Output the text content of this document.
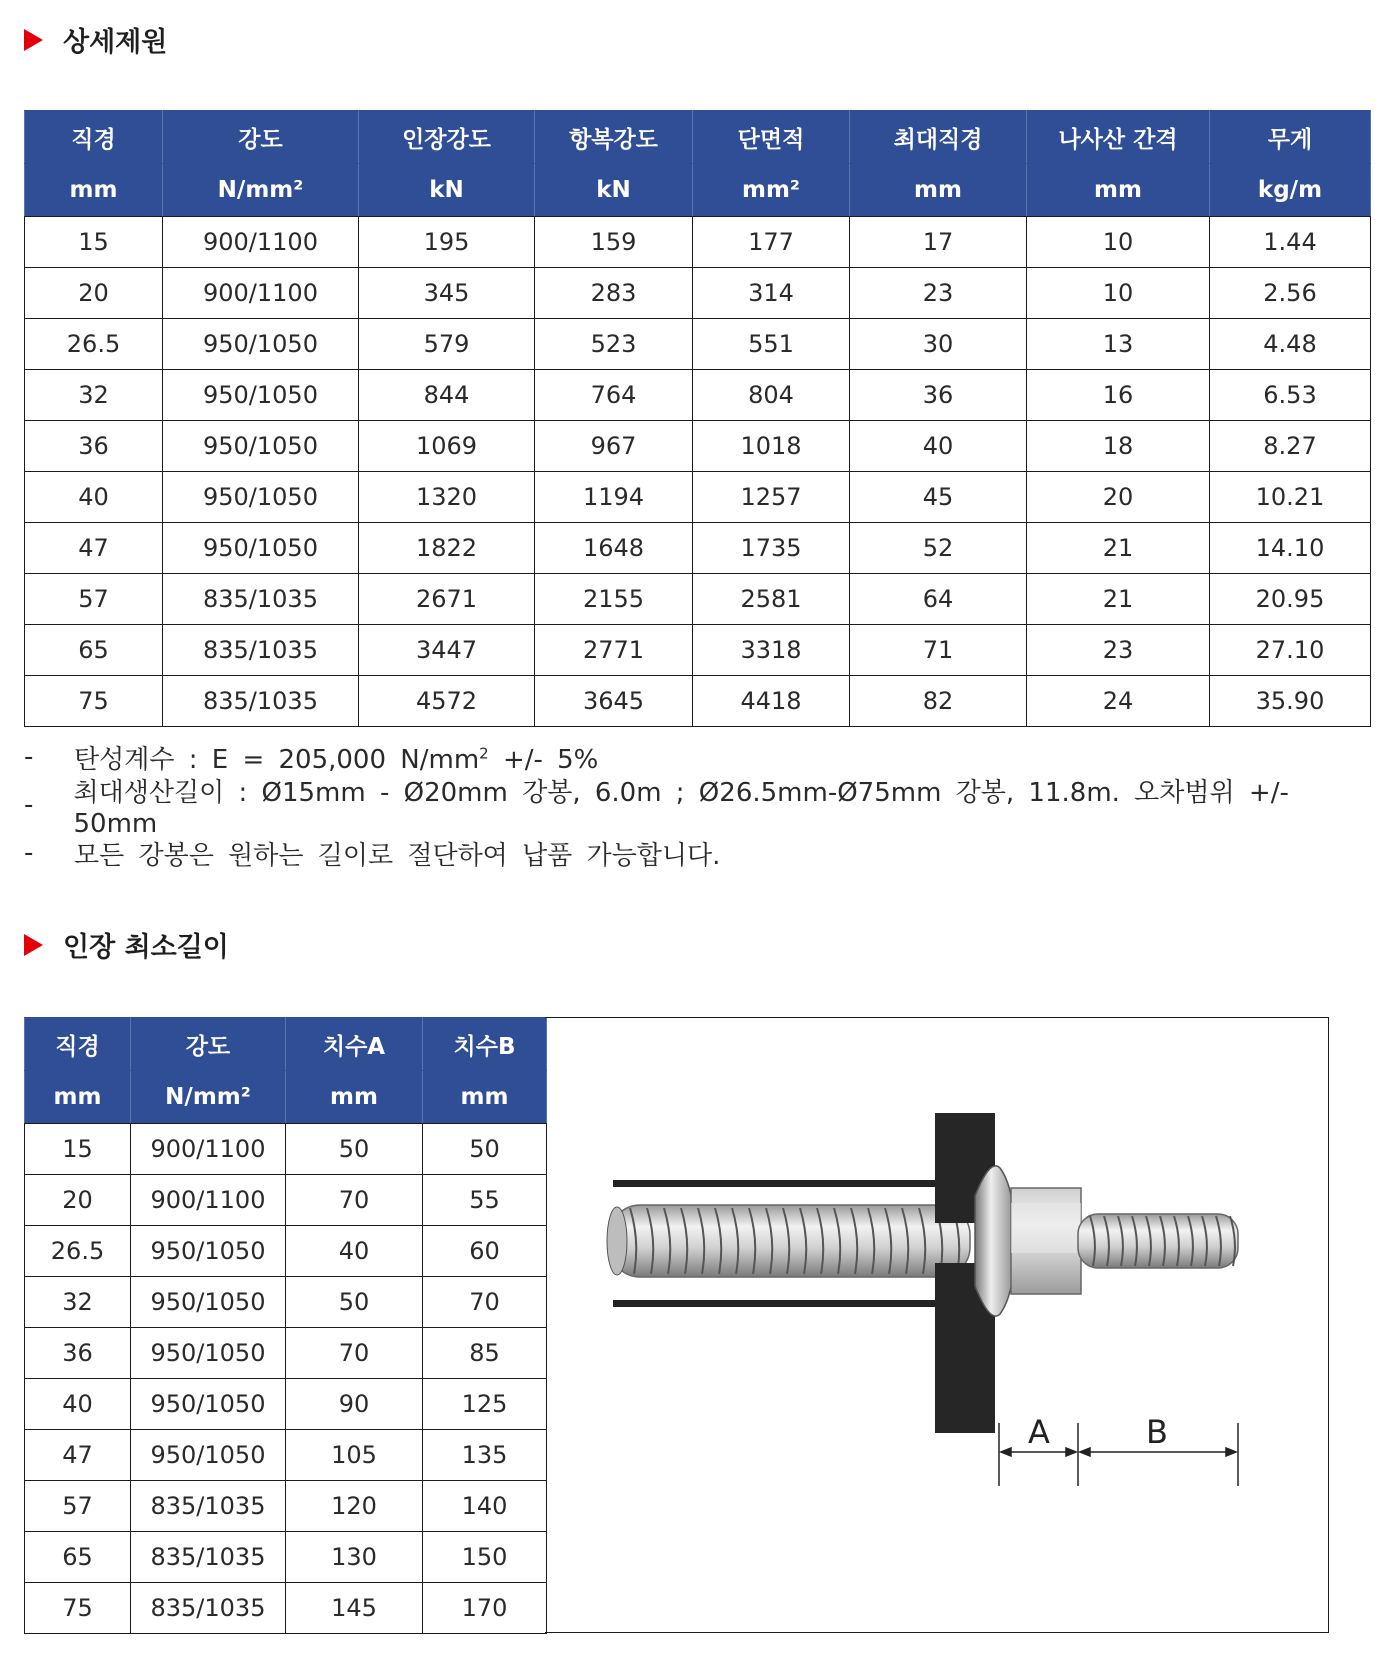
상세제원
직경	강도	인장강도	항복강도	단면적	최대직경	나사산 간격	무게
mm	N/mm²	kN	kN	mm²	mm	mm	kg/m
15	900/1100	195	159	177	17	10	1.44
20	900/1100	345	283	314	23	10	2.56
26.5	950/1050	579	523	551	30	13	4.48
32	950/1050	844	764	804	36	16	6.53
36	950/1050	1069	967	1018	40	18	8.27
40	950/1050	1320	1194	1257	45	20	10.21
47	950/1050	1822	1648	1735	52	21	14.10
57	835/1035	2671	2155	2581	64	21	20.95
65	835/1035	3447	2771	3318	71	23	27.10
75	835/1035	4572	3645	4418	82	24	35.90
-	탄성계수 : E = 205,000 $N/mm^2$ +/- 5%
-	최대생산길이 : Ø15mm - Ø20mm 강봉, 6.0m ; Ø26.5mm-Ø75mm 강봉, 11.8m. 오차범위 +/- 50mm
-	모든 강봉은 원하는 길이로 절단하여 납품 가능합니다.
인장 최소길이
직경	강도	치수A	치수B
mm	N/mm²	mm	mm
15	900/1100	50	50
20	900/1100	70	55
26.5	950/1050	40	60
32	950/1050	50	70
36	950/1050	70	85
40	950/1050	90	125
47	950/1050	105	135
57	835/1035	120	140
65	835/1035	130	150
75	835/1035	145	170
A	B
